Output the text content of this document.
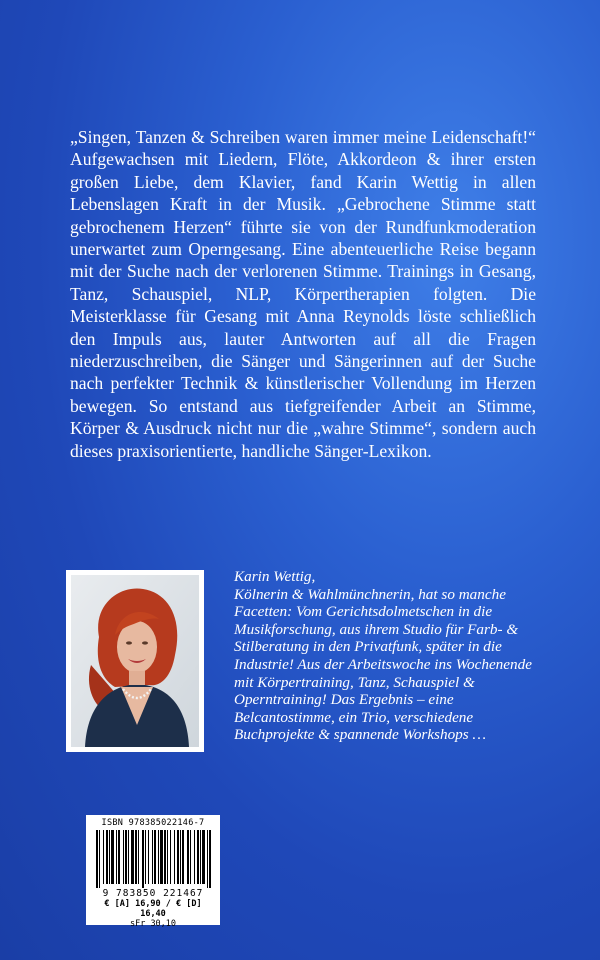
„Singen, Tanzen & Schreiben waren immer meine Leidenschaft!“ Aufgewachsen mit Liedern, Flöte, Akkordeon & ihrer ersten großen Liebe, dem Klavier, fand Karin Wettig in allen Lebenslagen Kraft in der Musik. „Gebrochene Stimme statt gebrochenem Herzen“ führte sie von der Rundfunkmoderation unerwartet zum Operngesang. Eine abenteuerliche Reise begann mit der Suche nach der verlorenen Stimme. Trainings in Gesang, Tanz, Schauspiel, NLP, Körpertherapien folgten. Die Meisterklasse für Gesang mit Anna Reynolds löste schließlich den Impuls aus, lauter Antworten auf all die Fragen niederzuschreiben, die Sänger und Sängerinnen auf der Suche nach perfekter Technik & künstlerischer Vollendung im Herzen bewegen. So entstand aus tiefgreifender Arbeit an Stimme, Körper & Ausdruck nicht nur die „wahre Stimme“, sondern auch dieses praxisorientierte, handliche Sänger-Lexikon.

Karin Wettig,
Kölnerin & Wahlmünchnerin, hat so manche Facetten: Vom Gerichtsdolmetschen in die Musikforschung, aus ihrem Studio für Farb- & Stilberatung in den Privatfunk, später in die Industrie! Aus der Arbeitswoche ins Wochenende mit Körpertraining, Tanz, Schauspiel & Operntraining! Das Ergebnis – eine Belcantostimme, ein Trio, verschiedene Buchprojekte & spannende Workshops …
ISBN 978385022146-7
9 783850 221467
€ [A] 16,90 / € [D] 16,40
sFr 30,10
